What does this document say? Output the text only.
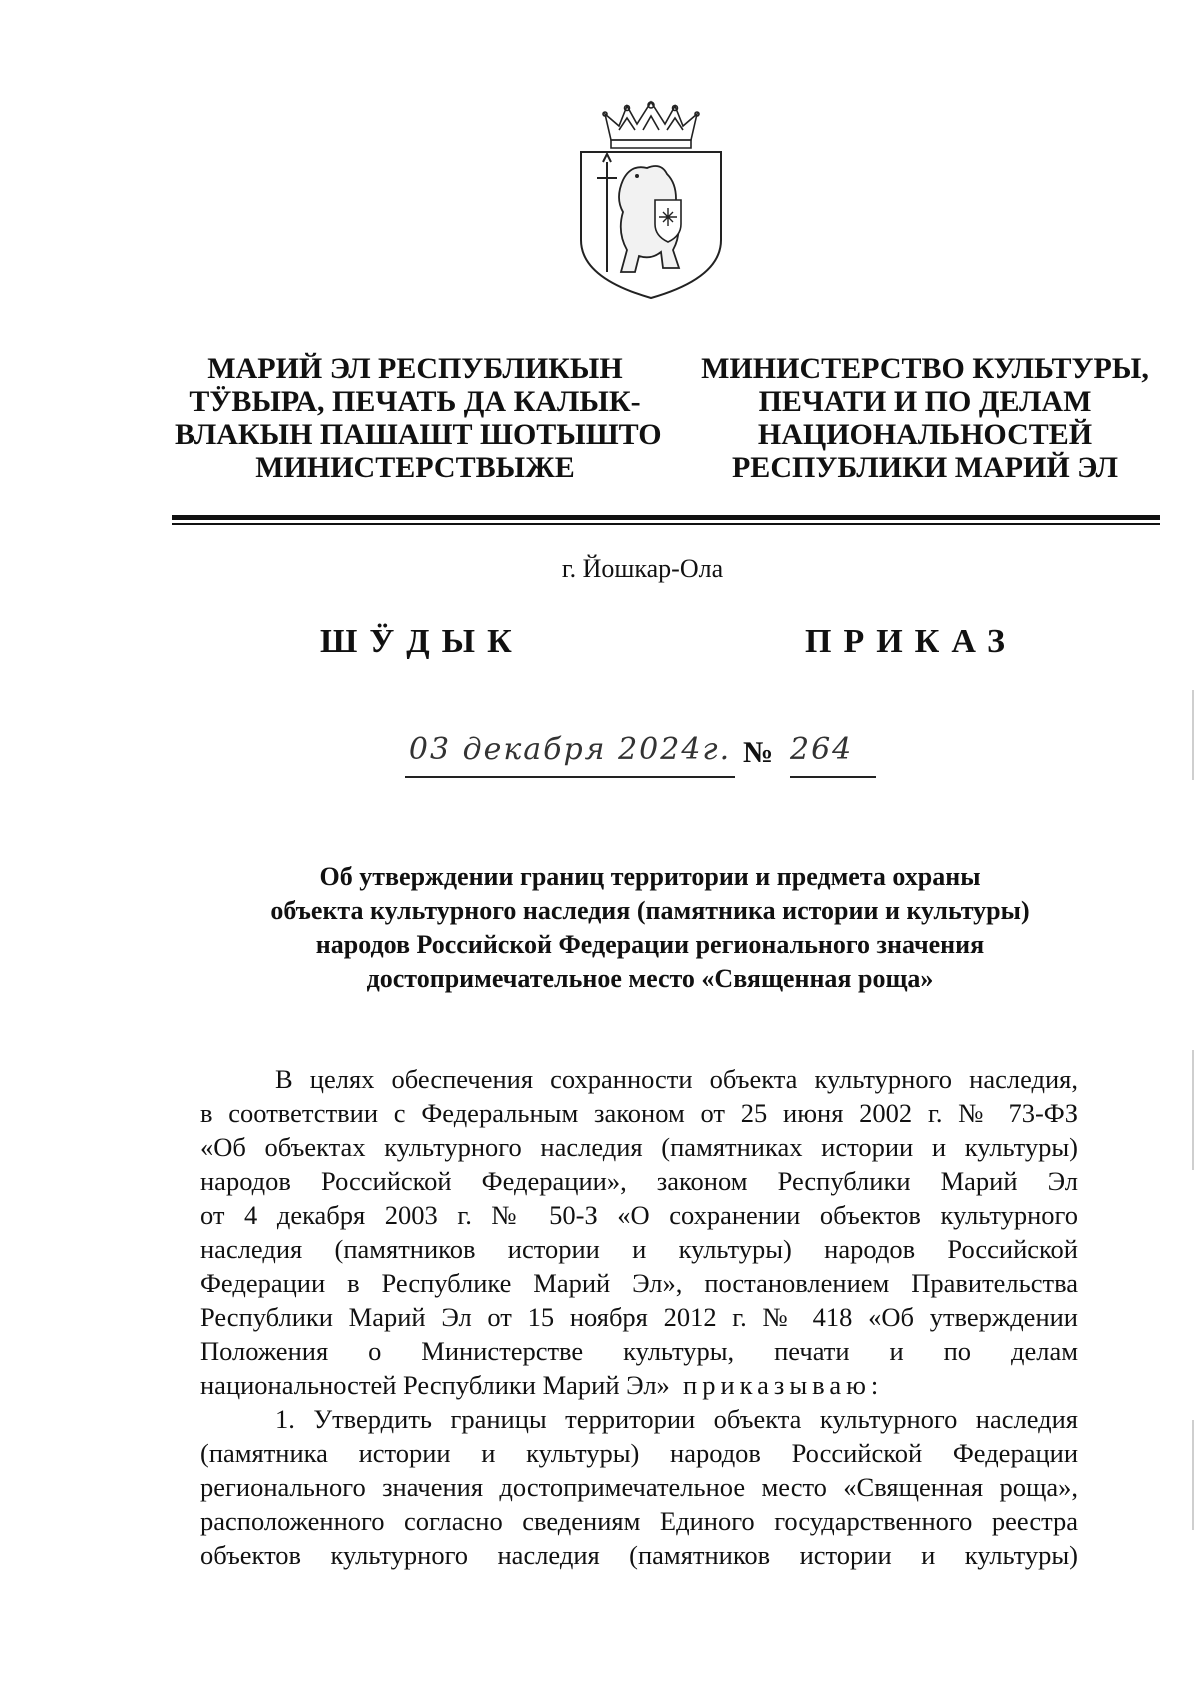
МАРИЙ ЭЛ РЕСПУБЛИКЫН
ТӰВЫРА, ПЕЧАТЬ ДА КАЛЫК-
ВЛАКЫН ПАШАШТ ШОТЫШТО
МИНИСТЕРСТВЫЖЕ
МИНИСТЕРСТВО КУЛЬТУРЫ,
ПЕЧАТИ И ПО ДЕЛАМ
НАЦИОНАЛЬНОСТЕЙ
РЕСПУБЛИКИ МАРИЙ ЭЛ
г. Йошкар-Ола
ШӰДЫК	ПРИКАЗ
03 декабря 2024г. № 264
Об утверждении границ территории и предмета охраны
объекта культурного наследия (памятника истории и культуры)
народов Российской Федерации регионального значения
достопримечательное место «Священная роща»
В целях обеспечения сохранности объекта культурного наследия,
в соответствии с Федеральным законом от 25 июня 2002 г. № 73-ФЗ
«Об объектах культурного наследия (памятниках истории и культуры)
народов Российской Федерации», законом Республики Марий Эл
от 4 декабря 2003 г. № 50-З «О сохранении объектов культурного
наследия (памятников истории и культуры) народов Российской
Федерации в Республике Марий Эл», постановлением Правительства
Республики Марий Эл от 15 ноября 2012 г. № 418 «Об утверждении
Положения о Министерстве культуры, печати и по делам
национальностей Республики Марий Эл» приказываю:
1. Утвердить границы территории объекта культурного наследия
(памятника истории и культуры) народов Российской Федерации
регионального значения достопримечательное место «Священная роща»,
расположенного согласно сведениям Единого государственного реестра
объектов культурного наследия (памятников истории и культуры)
